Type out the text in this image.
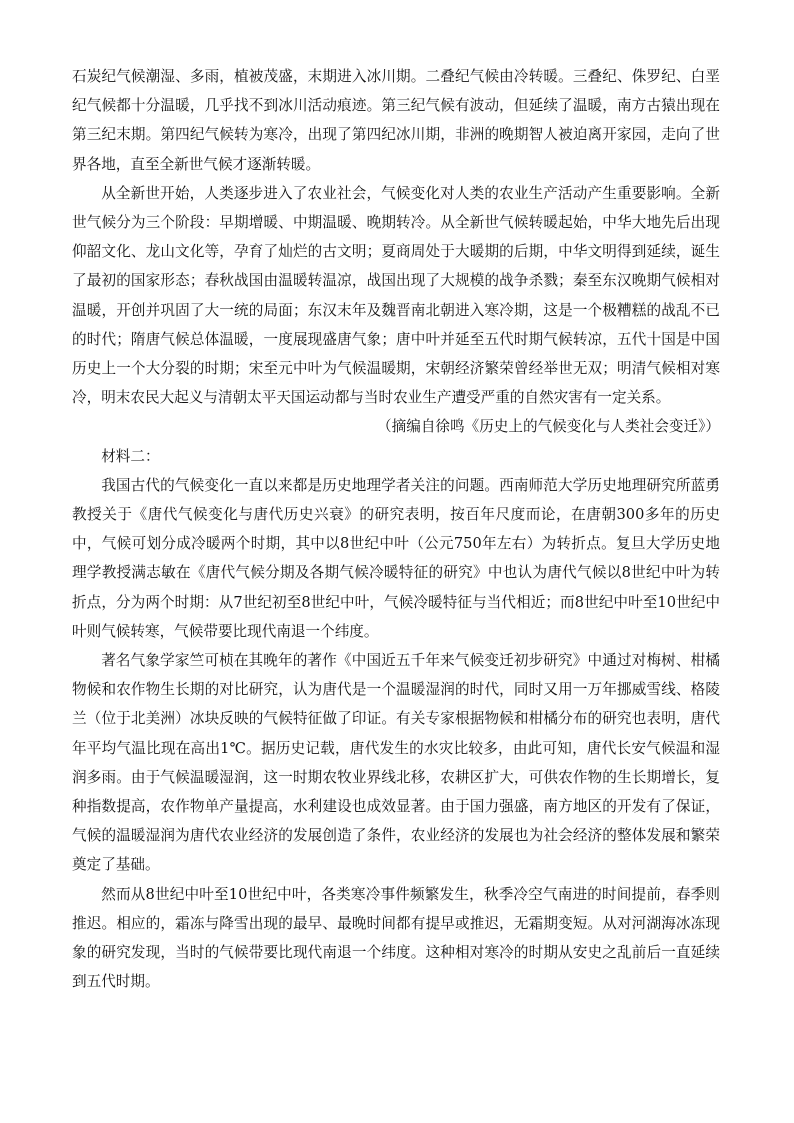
石炭纪气候潮湿、多雨，植被茂盛，末期进入冰川期。二叠纪气候由冷转暖。三叠纪、侏罗纪、白垩纪气候都十分温暖，几乎找不到冰川活动痕迹。第三纪气候有波动，但延续了温暖，南方古猿出现在第三纪末期。第四纪气候转为寒冷，出现了第四纪冰川期，非洲的晚期智人被迫离开家园，走向了世界各地，直至全新世气候才逐渐转暖。

从全新世开始，人类逐步进入了农业社会，气候变化对人类的农业生产活动产生重要影响。全新世气候分为三个阶段：早期增暖、中期温暖、晚期转冷。从全新世气候转暖起始，中华大地先后出现仰韶文化、龙山文化等，孕育了灿烂的古文明；夏商周处于大暖期的后期，中华文明得到延续，诞生了最初的国家形态；春秋战国由温暖转温凉，战国出现了大规模的战争杀戮；秦至东汉晚期气候相对温暖，开创并巩固了大一统的局面；东汉末年及魏晋南北朝进入寒冷期，这是一个极糟糕的战乱不已的时代；隋唐气候总体温暖，一度展现盛唐气象；唐中叶并延至五代时期气候转凉，五代十国是中国历史上一个大分裂的时期；宋至元中叶为气候温暖期，宋朝经济繁荣曾经举世无双；明清气候相对寒冷，明末农民大起义与清朝太平天国运动都与当时农业生产遭受严重的自然灾害有一定关系。

（摘编自徐鸣《历史上的气候变化与人类社会变迁》）

材料二：

我国古代的气候变化一直以来都是历史地理学者关注的问题。西南师范大学历史地理研究所蓝勇教授关于《唐代气候变化与唐代历史兴衰》的研究表明，按百年尺度而论，在唐朝300多年的历史中，气候可划分成冷暖两个时期，其中以8世纪中叶（公元750年左右）为转折点。复旦大学历史地理学教授满志敏在《唐代气候分期及各期气候冷暖特征的研究》中也认为唐代气候以8世纪中叶为转折点，分为两个时期：从7世纪初至8世纪中叶，气候冷暖特征与当代相近；而8世纪中叶至10世纪中叶则气候转寒，气候带要比现代南退一个纬度。

著名气象学家竺可桢在其晚年的著作《中国近五千年来气候变迁初步研究》中通过对梅树、柑橘物候和农作物生长期的对比研究，认为唐代是一个温暖湿润的时代，同时又用一万年挪威雪线、格陵兰（位于北美洲）冰块反映的气候特征做了印证。有关专家根据物候和柑橘分布的研究也表明，唐代年平均气温比现在高出1℃。据历史记载，唐代发生的水灾比较多，由此可知，唐代长安气候温和湿润多雨。由于气候温暖湿润，这一时期农牧业界线北移，农耕区扩大，可供农作物的生长期增长，复种指数提高，农作物单产量提高，水利建设也成效显著。由于国力强盛，南方地区的开发有了保证，气候的温暖湿润为唐代农业经济的发展创造了条件，农业经济的发展也为社会经济的整体发展和繁荣奠定了基础。

然而从8世纪中叶至10世纪中叶，各类寒冷事件频繁发生，秋季冷空气南进的时间提前，春季则推迟。相应的，霜冻与降雪出现的最早、最晚时间都有提早或推迟，无霜期变短。从对河湖海冰冻现象的研究发现，当时的气候带要比现代南退一个纬度。这种相对寒冷的时期从安史之乱前后一直延续到五代时期。
